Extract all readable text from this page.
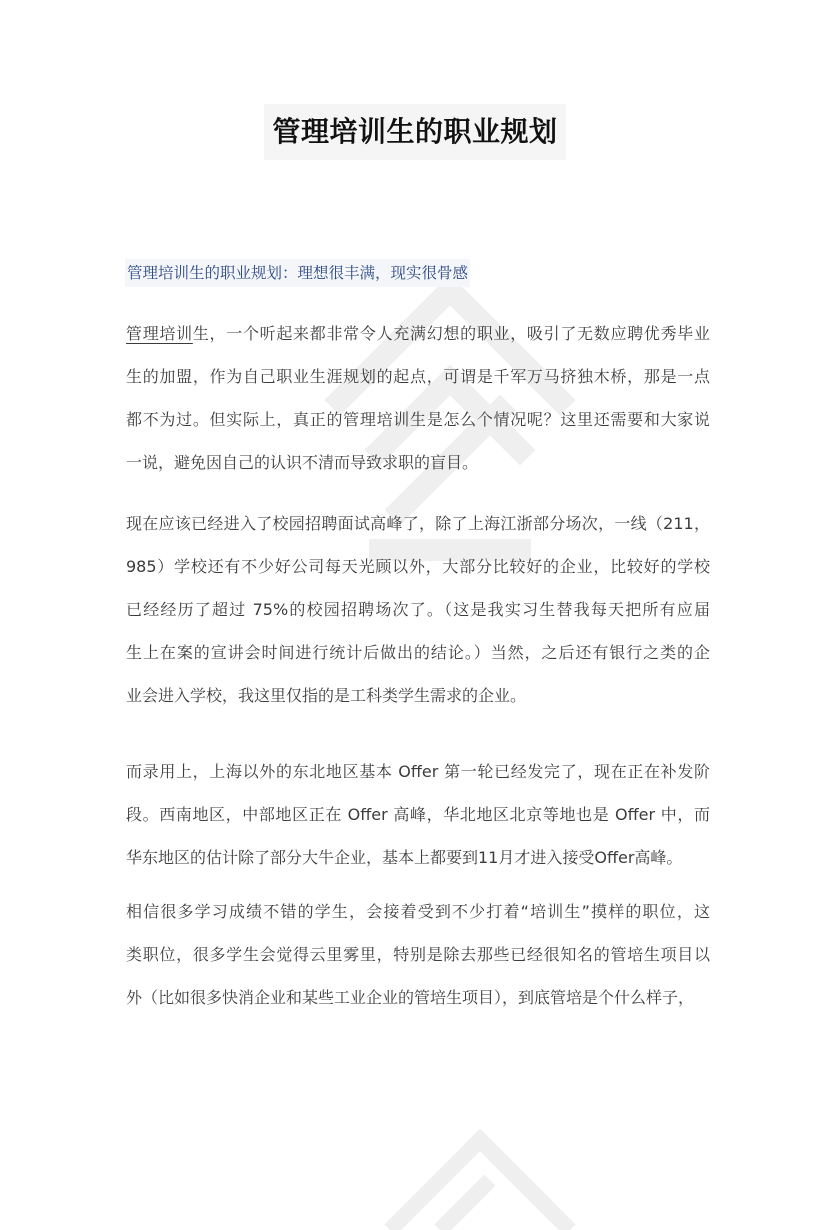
管理培训生的职业规划
管理培训生的职业规划：理想很丰满，现实很骨感
管理培训生，一个听起来都非常令人充满幻想的职业，吸引了无数应聘优秀毕业
生的加盟，作为自己职业生涯规划的起点，可谓是千军万马挤独木桥，那是一点
都不为过。但实际上，真正的管理培训生是怎么个情况呢？这里还需要和大家说
一说，避免因自己的认识不清而导致求职的盲目。
现在应该已经进入了校园招聘面试高峰了，除了上海江浙部分场次，一线（211，
985）学校还有不少好公司每天光顾以外，大部分比较好的企业，比较好的学校
已经经历了超过 75%的校园招聘场次了。（这是我实习生替我每天把所有应届
生上在案的宣讲会时间进行统计后做出的结论。）当然，之后还有银行之类的企
业会进入学校，我这里仅指的是工科类学生需求的企业。
而录用上，上海以外的东北地区基本 Offer 第一轮已经发完了，现在正在补发阶
段。西南地区，中部地区正在 Offer 高峰，华北地区北京等地也是 Offer 中，而
华东地区的估计除了部分大牛企业，基本上都要到11月才进入接受Offer高峰。
相信很多学习成绩不错的学生，会接着受到不少打着“培训生”摸样的职位，这
类职位，很多学生会觉得云里雾里，特别是除去那些已经很知名的管培生项目以
外（比如很多快消企业和某些工业企业的管培生项目），到底管培是个什么样子，
